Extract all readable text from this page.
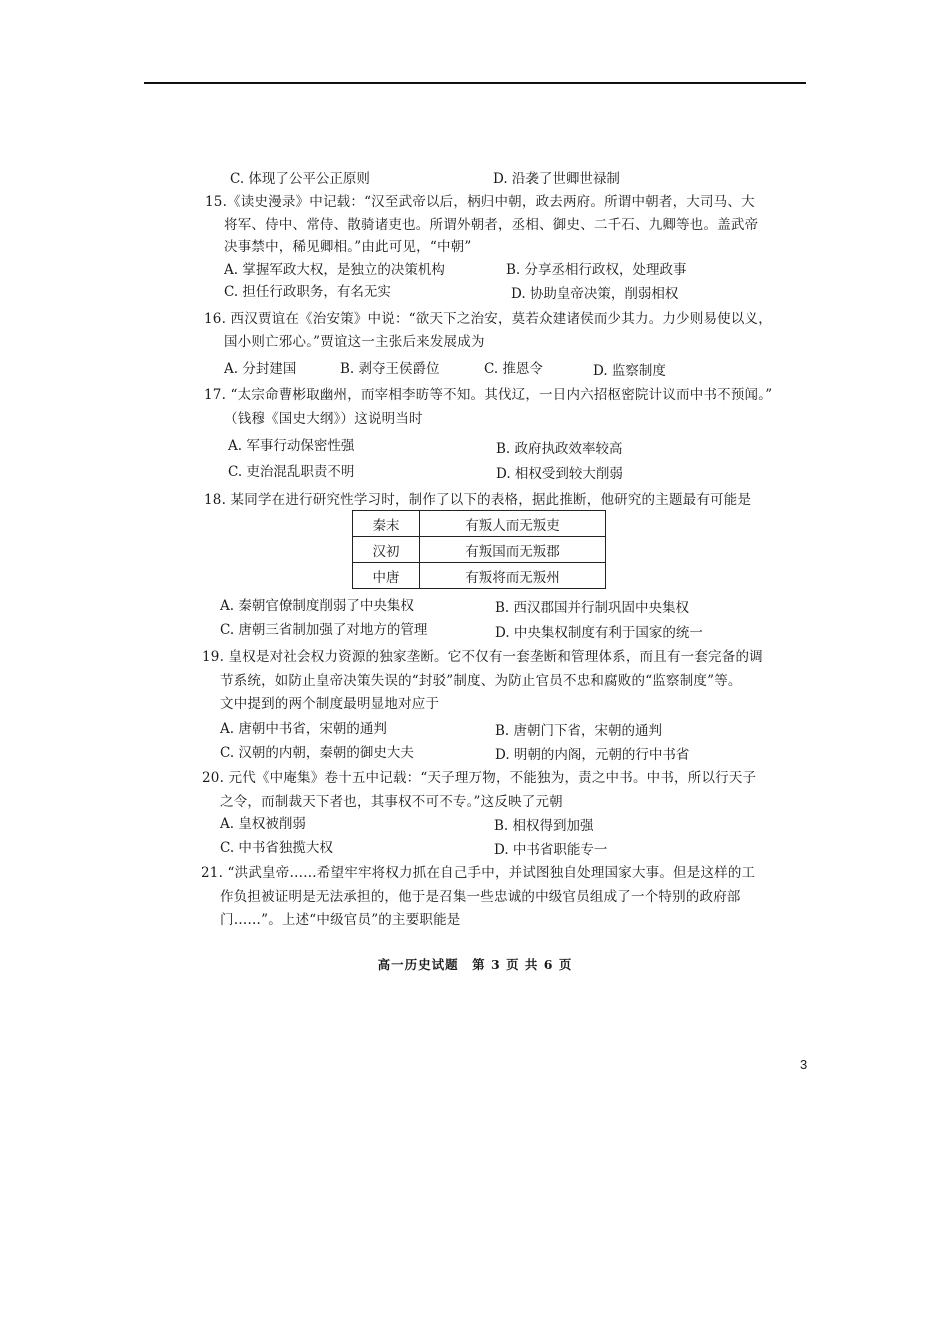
C. 体现了公平公正原则	D. 沿袭了世卿世禄制
15.《读史漫录》中记载：“汉至武帝以后，柄归中朝，政去两府。所谓中朝者，大司马、大
将军、侍中、常侍、散骑诸吏也。所谓外朝者，丞相、御史、二千石、九卿等也。盖武帝
决事禁中，稀见卿相。”由此可见，“中朝”
A. 掌握军政大权，是独立的决策机构	B. 分享丞相行政权，处理政事
C. 担任行政职务，有名无实	D. 协助皇帝决策，削弱相权
16. 西汉贾谊在《治安策》中说：“欲天下之治安，莫若众建诸侯而少其力。力少则易使以义，
国小则亡邪心。”贾谊这一主张后来发展成为
A. 分封建国	B. 剥夺王侯爵位	C. 推恩令	D. 监察制度
17. “太宗命曹彬取幽州，而宰相李昉等不知。其伐辽，一日内六招枢密院计议而中书不预闻。”
（钱穆《国史大纲》）这说明当时
A. 军事行动保密性强	B. 政府执政效率较高
C. 吏治混乱职责不明	D. 相权受到较大削弱
18. 某同学在进行研究性学习时，制作了以下的表格，据此推断，他研究的主题最有可能是
秦末	有叛人而无叛吏
汉初	有叛国而无叛郡
中唐	有叛将而无叛州
A. 秦朝官僚制度削弱了中央集权	B. 西汉郡国并行制巩固中央集权
C. 唐朝三省制加强了对地方的管理	D. 中央集权制度有利于国家的统一
19. 皇权是对社会权力资源的独家垄断。它不仅有一套垄断和管理体系，而且有一套完备的调
节系统，如防止皇帝决策失误的“封驳”制度、为防止官员不忠和腐败的“监察制度”等。
文中提到的两个制度最明显地对应于
A. 唐朝中书省，宋朝的通判	B. 唐朝门下省，宋朝的通判
C. 汉朝的内朝，秦朝的御史大夫	D. 明朝的内阁，元朝的行中书省
20. 元代《中庵集》卷十五中记载：“天子理万物，不能独为，责之中书。中书，所以行天子
之令，而制裁天下者也，其事权不可不专。”这反映了元朝
A. 皇权被削弱	B. 相权得到加强
C. 中书省独揽大权	D. 中书省职能专一
21. “洪武皇帝……希望牢牢将权力抓在自己手中，并试图独自处理国家大事。但是这样的工
作负担被证明是无法承担的，他于是召集一些忠诚的中级官员组成了一个特别的政府部
门……”。上述“中级官员”的主要职能是
高一历史试题　第 3 页 共 6 页
3
